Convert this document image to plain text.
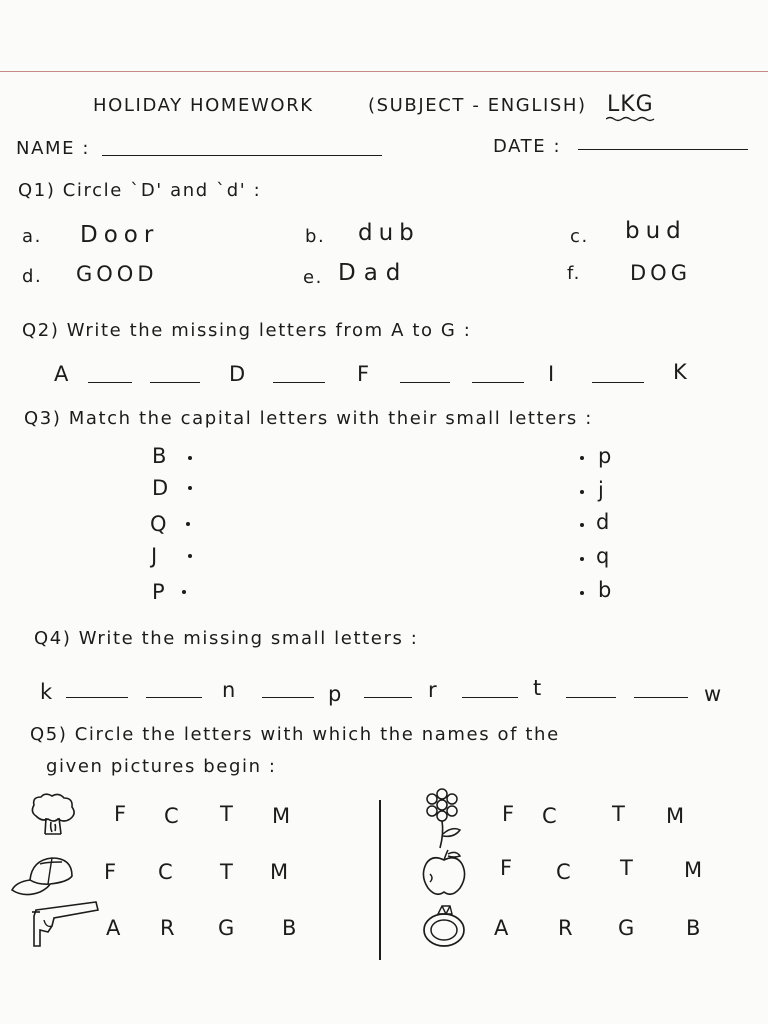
HOLIDAY HOMEWORK	(SUBJECT - ENGLISH) LKG
NAME :	DATE :
Q1) Circle `D' and `d' :
a. Door	b. dub	c. bud
d. GOOD	e. Dad	f. DOG
Q2) Write the missing letters from A to G :
A	D	F	I	K
Q3) Match the capital letters with their small letters :
B
D
Q
J
P
p
j
d
q
b
Q4) Write the missing small letters :
k	n	p	r	t	w
Q5) Circle the letters with which the names of the
given pictures begin :
F C T M	F C T M
F C T M	F C T M
A R G B	A R G B
